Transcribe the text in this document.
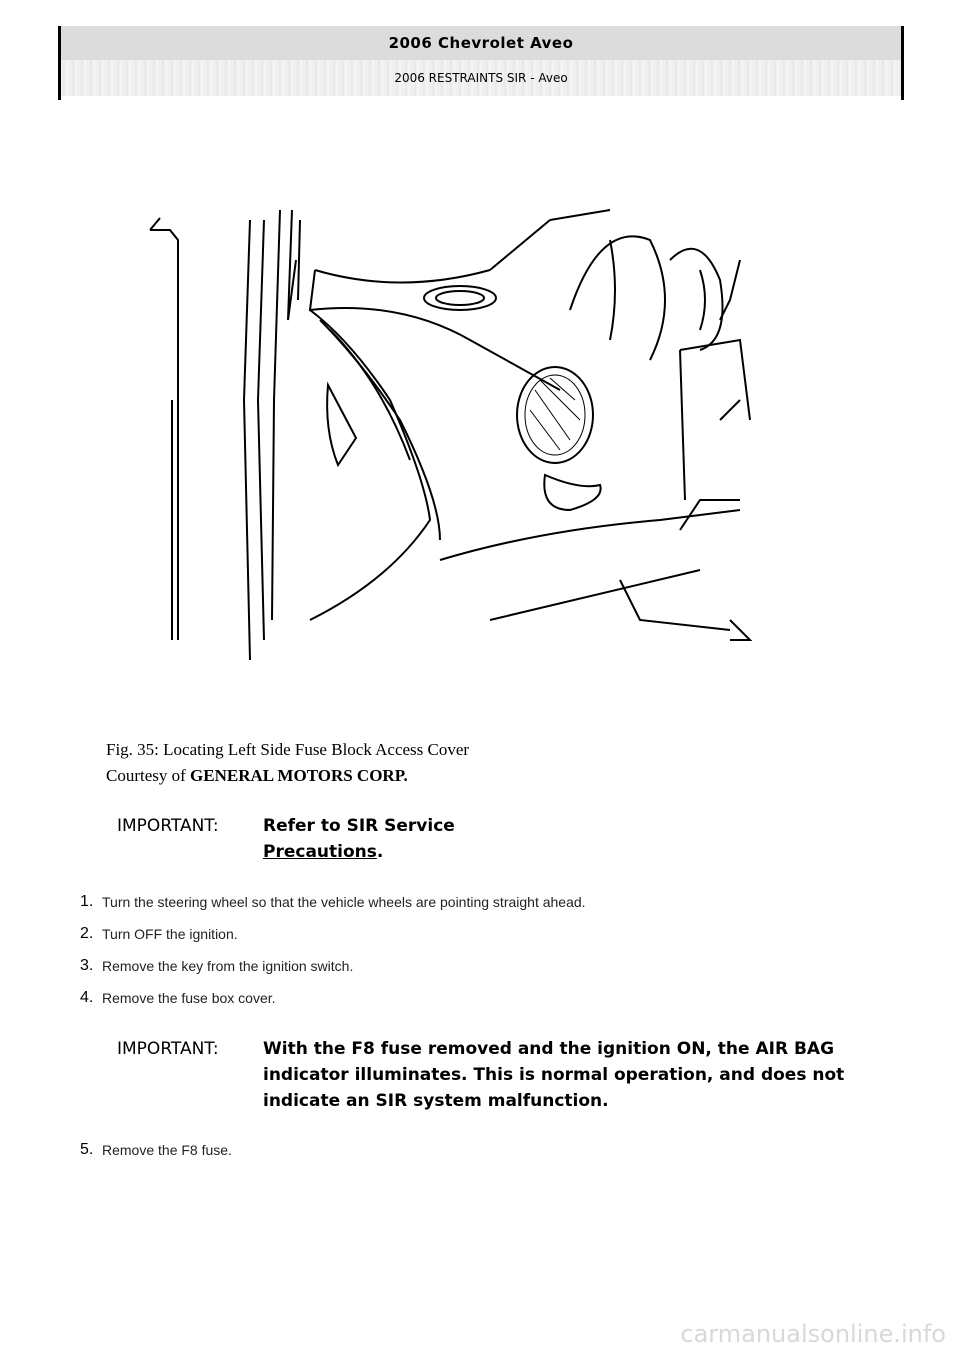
2006 Chevrolet Aveo
2006 RESTRAINTS SIR - Aveo
Fig. 35: Locating Left Side Fuse Block Access Cover
Courtesy of GENERAL MOTORS CORP.
IMPORTANT:	Refer to SIR Service
Precautions.
1. Turn the steering wheel so that the vehicle wheels are pointing straight ahead.
2. Turn OFF the ignition.
3. Remove the key from the ignition switch.
4. Remove the fuse box cover.
IMPORTANT:	With the F8 fuse removed and the ignition ON, the AIR BAG indicator illuminates. This is normal operation, and does not indicate an SIR system malfunction.
5. Remove the F8 fuse.
carmanualsonline.info
